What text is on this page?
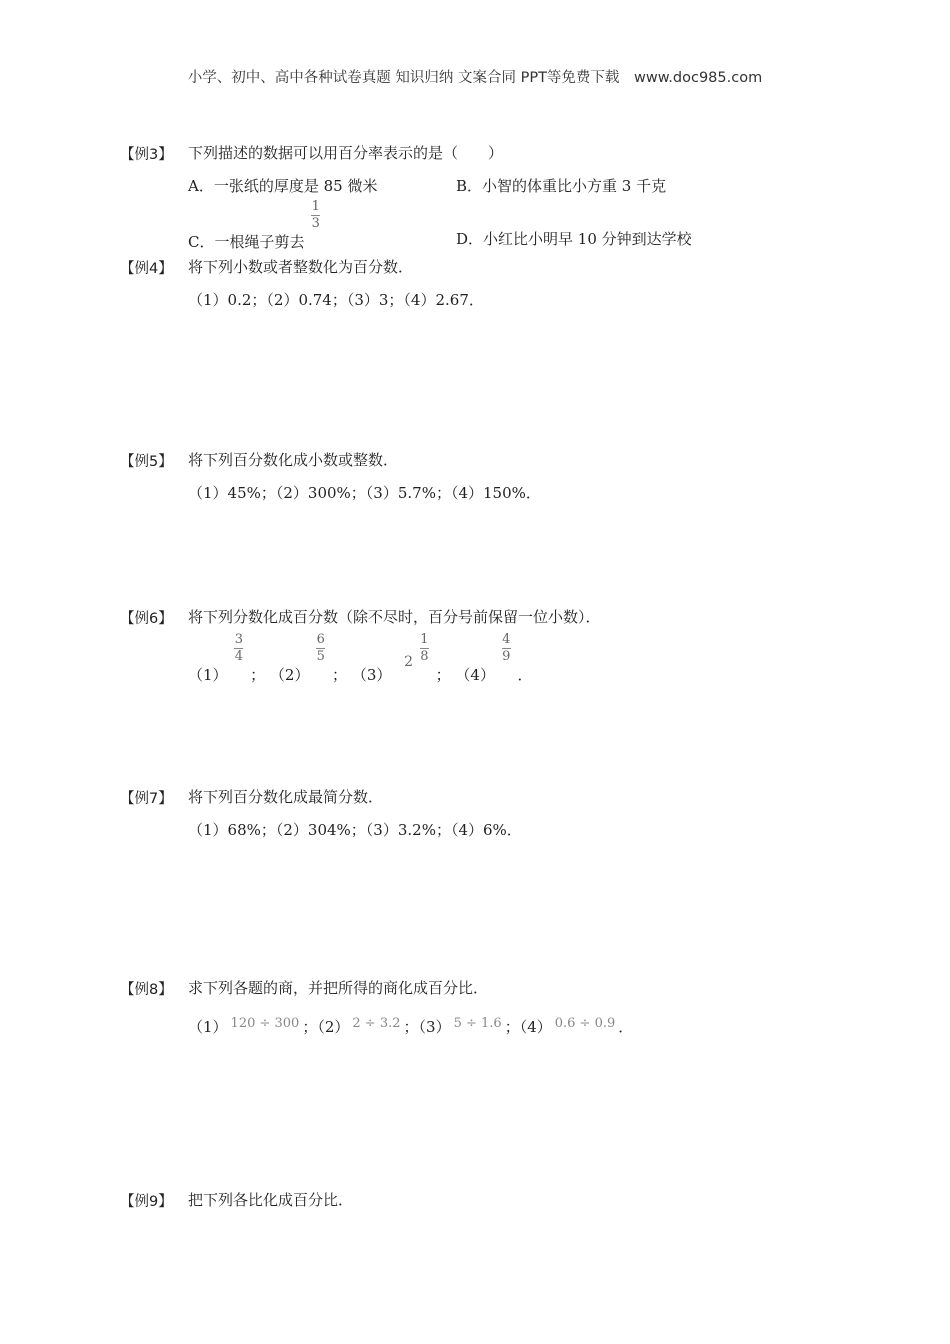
小学、初中、高中各种试卷真题 知识归纳 文案合同 PPT等免费下载 www.doc985.com
【例3】 下列描述的数据可以用百分率表示的是（　　）
A．一张纸的厚度是 85 微米	B．小智的体重比小方重 3 千克
C．一根绳子剪去
$\frac{1}{3}$
D．小红比小明早 10 分钟到达学校
【例4】 将下列小数或者整数化为百分数．
（1）0.2；（2）0.74；（3）3；（4）2.67．
【例5】 将下列百分数化成小数或整数．
（1）45%；（2）300%；（3）5.7%；（4）150%．
【例6】 将下列分数化成百分数（除不尽时，百分号前保留一位小数）．
（1）
$\frac{3}{4}$
； （2）
$\frac{6}{5}$
； （3） $2 \frac{1}{8}$
； （4）
$\frac{4}{9}$
．
【例7】 将下列百分数化成最简分数．
（1）68%；（2）304%；（3）3.2%；（4）6%．
【例8】 求下列各题的商，并把所得的商化成百分比．
（1） 120 ÷ 300 ；（2） 2 ÷ 3.2 ；（3） 5 ÷ 1.6 ；（4） 0.6 ÷ 0.9 ．
【例9】 把下列各比化成百分比．
